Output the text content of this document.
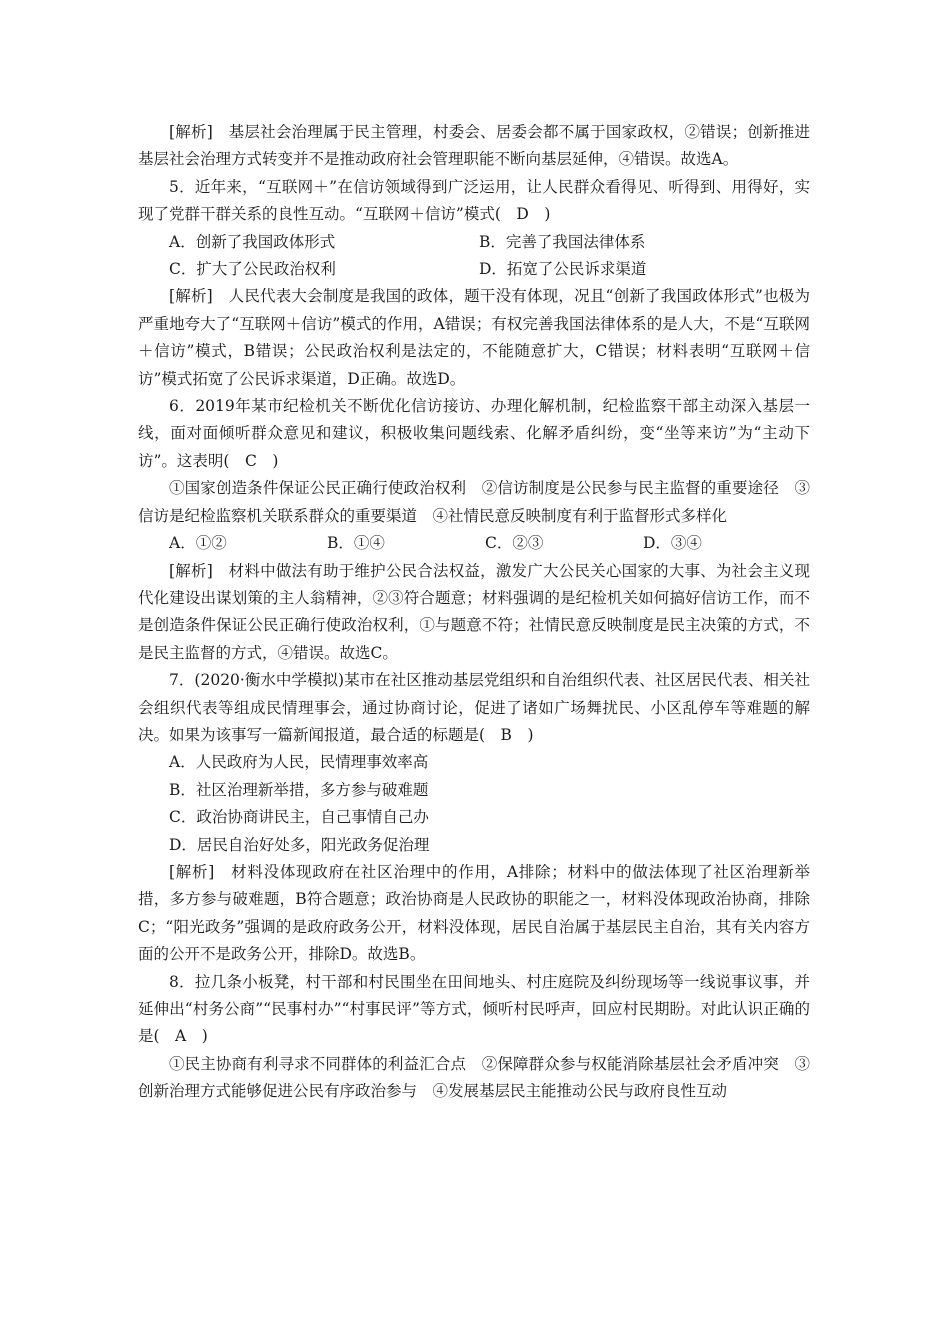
[解析]　基层社会治理属于民主管理，村委会、居委会都不属于国家政权，②错误；创新推进基层社会治理方式转变并不是推动政府社会管理职能不断向基层延伸，④错误。故选A。

5．近年来，“互联网＋”在信访领域得到广泛运用，让人民群众看得见、听得到、用得好，实现了党群干群关系的良性互动。“互联网＋信访”模式(　D　)

A．创新了我国政体形式	B．完善了我国法律体系
C．扩大了公民政治权利	D．拓宽了公民诉求渠道

[解析]　人民代表大会制度是我国的政体，题干没有体现，况且“创新了我国政体形式”也极为严重地夸大了“互联网＋信访”模式的作用，A错误；有权完善我国法律体系的是人大，不是“互联网＋信访”模式，B错误；公民政治权利是法定的，不能随意扩大，C错误；材料表明“互联网＋信访”模式拓宽了公民诉求渠道，D正确。故选D。

6．2019年某市纪检机关不断优化信访接访、办理化解机制，纪检监察干部主动深入基层一线，面对面倾听群众意见和建议，积极收集问题线索、化解矛盾纠纷，变“坐等来访”为“主动下访”。这表明(　C　)

①国家创造条件保证公民正确行使政治权利　②信访制度是公民参与民主监督的重要途径　③信访是纪检监察机关联系群众的重要渠道　④社情民意反映制度有利于监督形式多样化

A．①②	B．①④	C．②③	D．③④

[解析]　材料中做法有助于维护公民合法权益，激发广大公民关心国家的大事、为社会主义现代化建设出谋划策的主人翁精神，②③符合题意；材料强调的是纪检机关如何搞好信访工作，而不是创造条件保证公民正确行使政治权利，①与题意不符；社情民意反映制度是民主决策的方式，不是民主监督的方式，④错误。故选C。

7．(2020·衡水中学模拟)某市在社区推动基层党组织和自治组织代表、社区居民代表、相关社会组织代表等组成民情理事会，通过协商讨论，促进了诸如广场舞扰民、小区乱停车等难题的解决。如果为该事写一篇新闻报道，最合适的标题是(　B　)

A．人民政府为人民，民情理事效率高

B．社区治理新举措，多方参与破难题

C．政治协商讲民主，自己事情自己办

D．居民自治好处多，阳光政务促治理

[解析]　材料没体现政府在社区治理中的作用，A排除；材料中的做法体现了社区治理新举措，多方参与破难题，B符合题意；政治协商是人民政协的职能之一，材料没体现政治协商，排除C；“阳光政务”强调的是政府政务公开，材料没体现，居民自治属于基层民主自治，其有关内容方面的公开不是政务公开，排除D。故选B。

8．拉几条小板凳，村干部和村民围坐在田间地头、村庄庭院及纠纷现场等一线说事议事，并延伸出“村务公商”“民事村办”“村事民评”等方式，倾听村民呼声，回应村民期盼。对此认识正确的是(　A　)

①民主协商有利寻求不同群体的利益汇合点　②保障群众参与权能消除基层社会矛盾冲突　③创新治理方式能够促进公民有序政治参与　④发展基层民主能推动公民与政府良性互动
